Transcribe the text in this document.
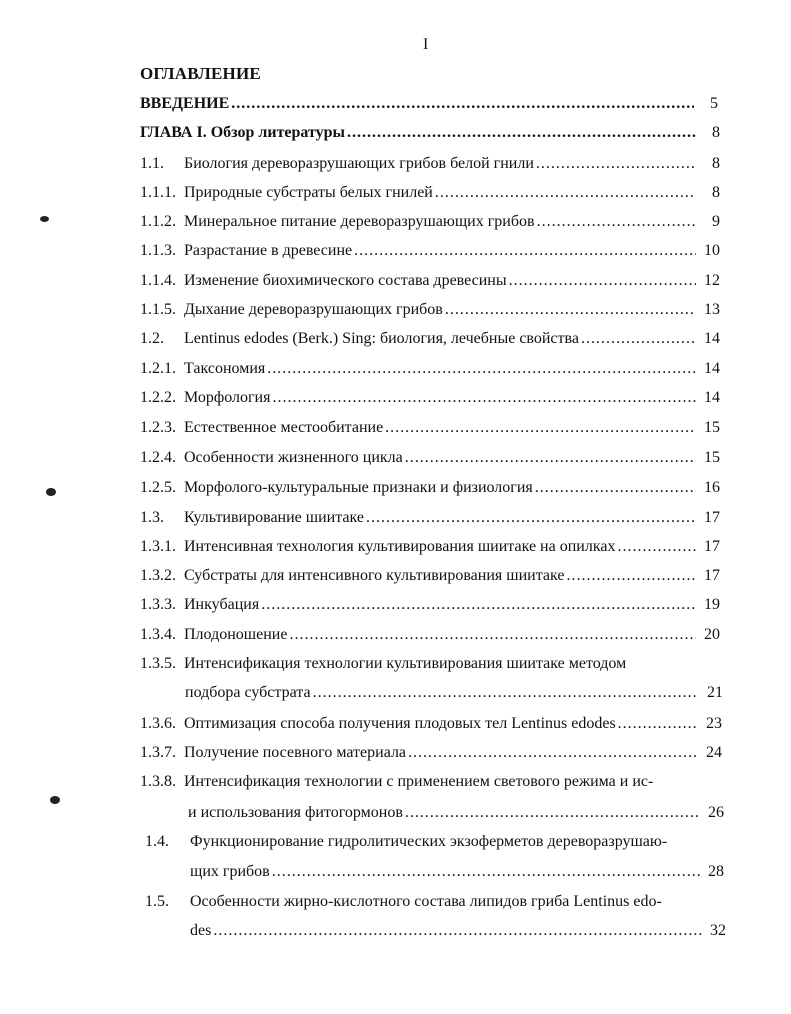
I
ОГЛАВЛЕНИЕ
ВВЕДЕНИЕ .....	5
ГЛАВА I. Обзор литературы .....	8
1.1.	Биология дереворазрушающих грибов белой гнили .....	8
1.1.1. Природные субстраты белых гнилей .....	8
1.1.2. Минеральное питание дереворазрушающих грибов .....	9
1.1.3. Разрастание в древесине .....	10
1.1.4. Изменение биохимического состава древесины .....	12
1.1.5. Дыхание дереворазрушающих грибов .....	13
1.2.	Lentinus edodes (Berk.) Sing: биология, лечебные свойства .....	14
1.2.1. Таксономия .....	14
1.2.2. Морфология .....	14
1.2.3. Естественное местообитание .....	15
1.2.4. Особенности жизненного цикла .....	15
1.2.5. Морфолого-культуральные признаки и физиология .....	16
1.3.	Культивирование шиитаке .....	17
1.3.1. Интенсивная технология культивирования шиитаке на опилках .....	17
1.3.2. Субстраты для интенсивного культивирования шиитаке .....	17
1.3.3. Инкубация .....	19
1.3.4. Плодоношение .....	20
1.3.5. Интенсификация технологии культивирования шиитаке методом
подбора субстрата .....	21
1.3.6. Оптимизация способа получения плодовых тел Lentinus edodes .....	23
1.3.7. Получение посевного материала .....	24
1.3.8. Интенсификация технологии с применением светового режима и ис-
и использования фитогормонов .....	26
1.4. Функционирование гидролитических экзоферметов дереворазрушаю-
щих грибов .....	28
1.5. Особенности жирно-кислотного состава липидов гриба Lentinus edo-
des .....	32
